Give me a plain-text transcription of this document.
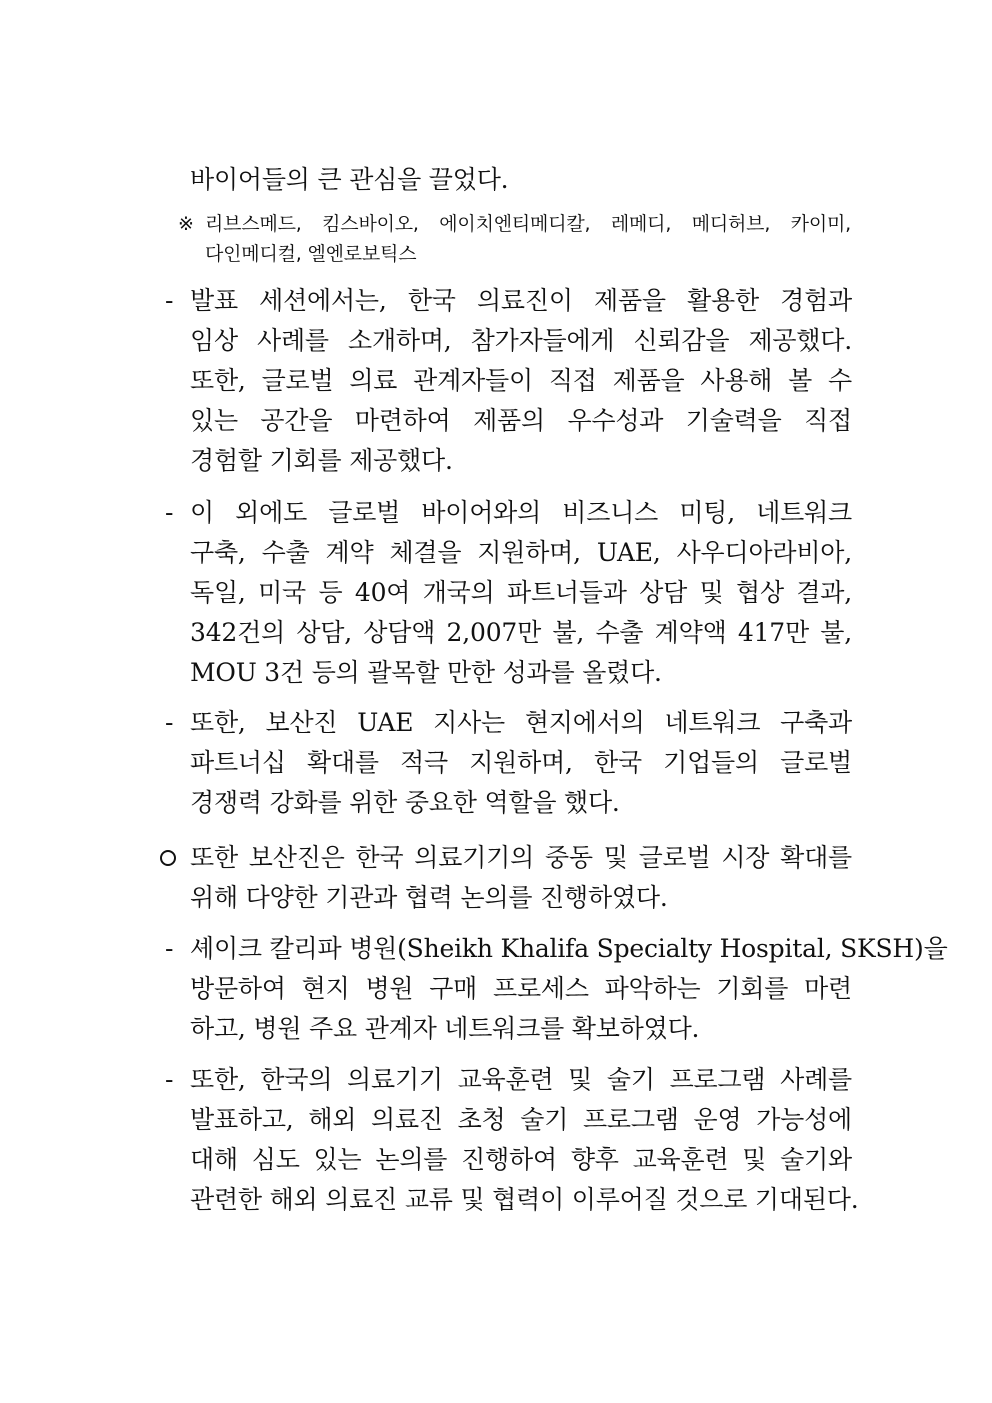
바이어들의 큰 관심을 끌었다.
※ 리브스메드, 킴스바이오, 에이치엔티메디칼, 레메디, 메디허브, 카이미,
다인메디컬, 엘엔로보틱스
- 발표 세션에서는, 한국 의료진이 제품을 활용한 경험과
임상 사례를 소개하며, 참가자들에게 신뢰감을 제공했다.
또한, 글로벌 의료 관계자들이 직접 제품을 사용해 볼 수
있는 공간을 마련하여 제품의 우수성과 기술력을 직접
경험할 기회를 제공했다.
- 이 외에도 글로벌 바이어와의 비즈니스 미팅, 네트워크
구축, 수출 계약 체결을 지원하며, UAE, 사우디아라비아,
독일, 미국 등 40여 개국의 파트너들과 상담 및 협상 결과,
342건의 상담, 상담액 2,007만 불, 수출 계약액 417만 불,
MOU 3건 등의 괄목할 만한 성과를 올렸다.
- 또한, 보산진 UAE 지사는 현지에서의 네트워크 구축과
파트너십 확대를 적극 지원하며, 한국 기업들의 글로벌
경쟁력 강화를 위한 중요한 역할을 했다.
또한 보산진은 한국 의료기기의 중동 및 글로벌 시장 확대를
위해 다양한 기관과 협력 논의를 진행하였다.
- 셰이크 칼리파 병원(Sheikh Khalifa Specialty Hospital, SKSH)을
방문하여 현지 병원 구매 프로세스 파악하는 기회를 마련
하고, 병원 주요 관계자 네트워크를 확보하였다.
- 또한, 한국의 의료기기 교육훈련 및 술기 프로그램 사례를
발표하고, 해외 의료진 초청 술기 프로그램 운영 가능성에
대해 심도 있는 논의를 진행하여 향후 교육훈련 및 술기와
관련한 해외 의료진 교류 및 협력이 이루어질 것으로 기대된다.
